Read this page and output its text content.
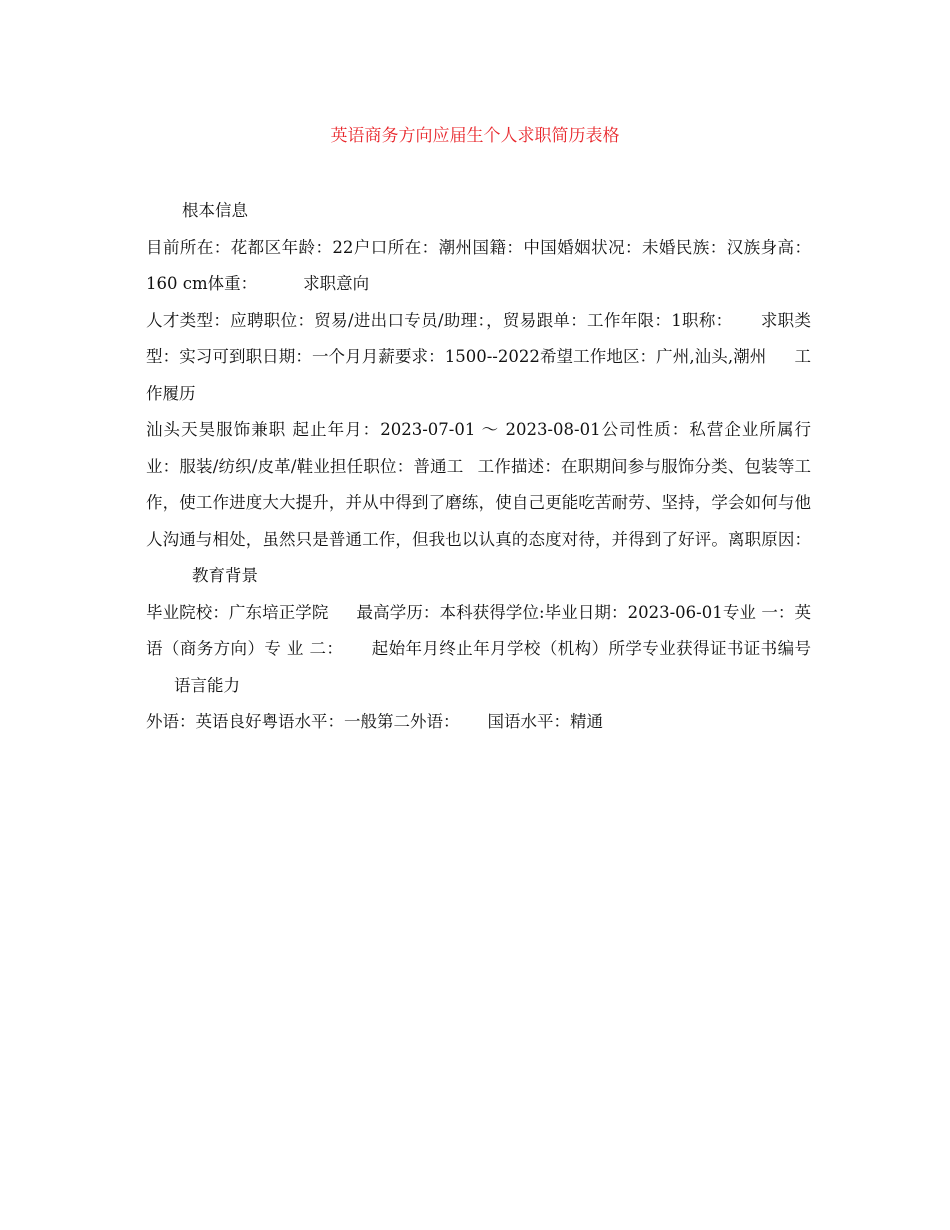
英语商务方向应届生个人求职简历表格

根本信息

目前所在：花都区年龄：22户口所在：潮州国籍：中国婚姻状况：未婚民族：汉族身高：160 cm体重：	求职意向

人才类型：应聘职位：贸易/进出口专员/助理：，贸易跟单：工作年限：1职称： 求职类型：实习可到职日期：一个月月薪要求：1500--2022希望工作地区：广州,汕头,潮州 工作履历

汕头天昊服饰兼职 起止年月：2023-07-01 ～ 2023-08-01公司性质：私营企业所属行业：服装/纺织/皮革/鞋业担任职位：普通工 工作描述：在职期间参与服饰分类、包装等工作，使工作进度大大提升，并从中得到了磨练，使自己更能吃苦耐劳、坚持，学会如何与他人沟通与相处，虽然只是普通工作，但我也以认真的态度对待，并得到了好评。离职原因：教育背景

毕业院校：广东培正学院 最高学历：本科获得学位:毕业日期：2023-06-01专业 一：英语（商务方向）专 业 二： 起始年月终止年月学校（机构）所学专业获得证书证书编号语言能力

外语：英语良好粤语水平：一般第二外语： 国语水平：精通
